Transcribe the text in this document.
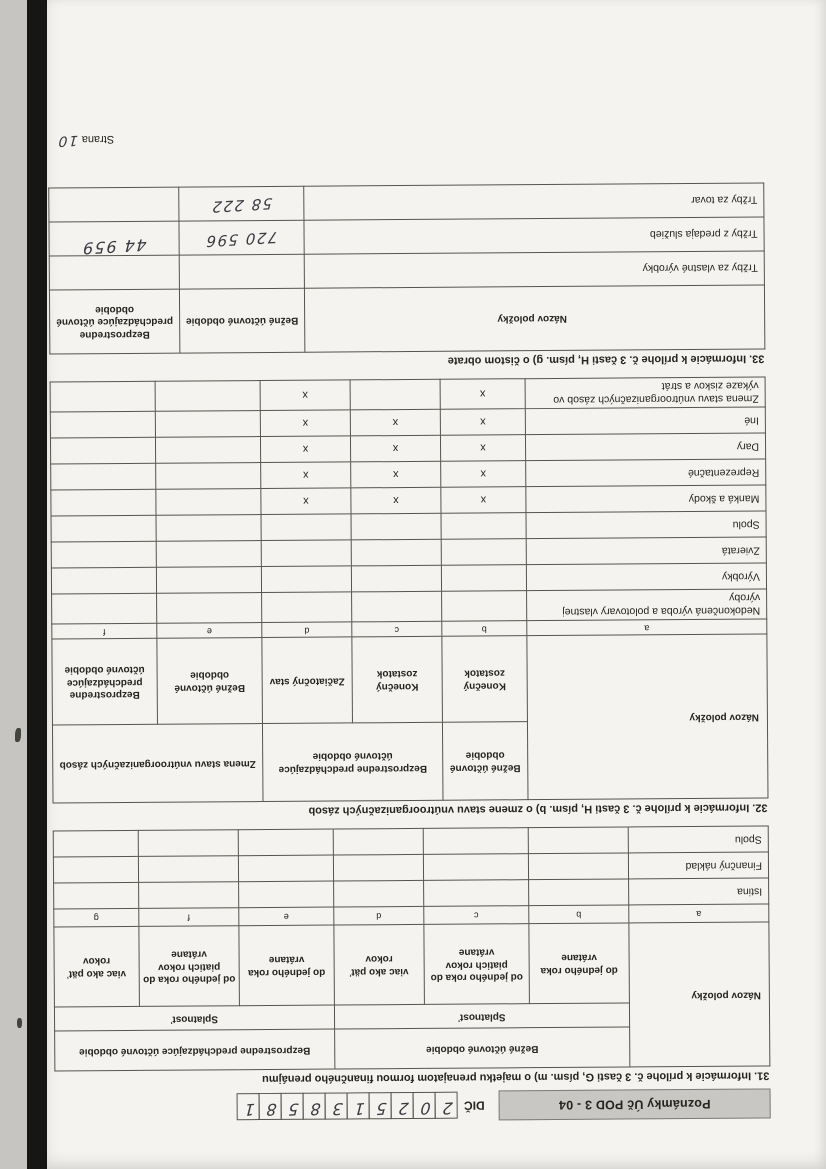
Poznámky Úč POD 3 - 04
DIČ
2
0
2
5
1
3
8
5
8
1
31. Informácie k prílohe č. 3 časti G, písm. m) o majetku prenajatom formou finančného prenájmu
Názov položky	Bežné účtovné obdobie			Bezprostredne predchádzajúce účtovné obdobie		
	Splatnosť			Splatnosť		
	do jedného roka vrátane	od jedného roka do piatich rokov vrátane	viac ako päť rokov	do jedného roka vrátane	od jedného roka do piatich rokov vrátane	viac ako päť rokov
a	b	c	d	e	f	g
Istina						
Finančný náklad						
Spolu						
32. Informácie k prílohe č. 3 časti H, písm. b) o zmene stavu vnútroorganizačných zásob
Názov položky	Bežné účtovné obdobie	Bezprostredne predchádzajúce účtovné obdobie		Zmena stavu vnútroorganizačných zásob	
	Konečný zostatok	Konečný zostatok	Začiatočný stav	Bežné účtovné obdobie	Bezprostredne predchádzajúce účtovné obdobie
a	b	c	d	e	f
Nedokončená výroba a polotovary vlastnej výroby					
Výrobky					
Zvieratá					
Spolu					
Manká a škody	x	x	x		
Reprezentačné	x	x	x		
Dary	x	x	x		
Iné	x	x	x		
Zmena stavu vnútroorganizačných zásob vo výkaze ziskov a strát	x		x		
33. Informácie k prílohe č. 3 časti H, písm. g) o čistom obrate
Názov položky	Bežné účtovné obdobie	Bezprostredne predchádzajúce účtovné obdobie
Tržby za vlastné výrobky		
Tržby z predaja služieb	720 596	44 959
Tržby za tovar	58 222	
Strana10
